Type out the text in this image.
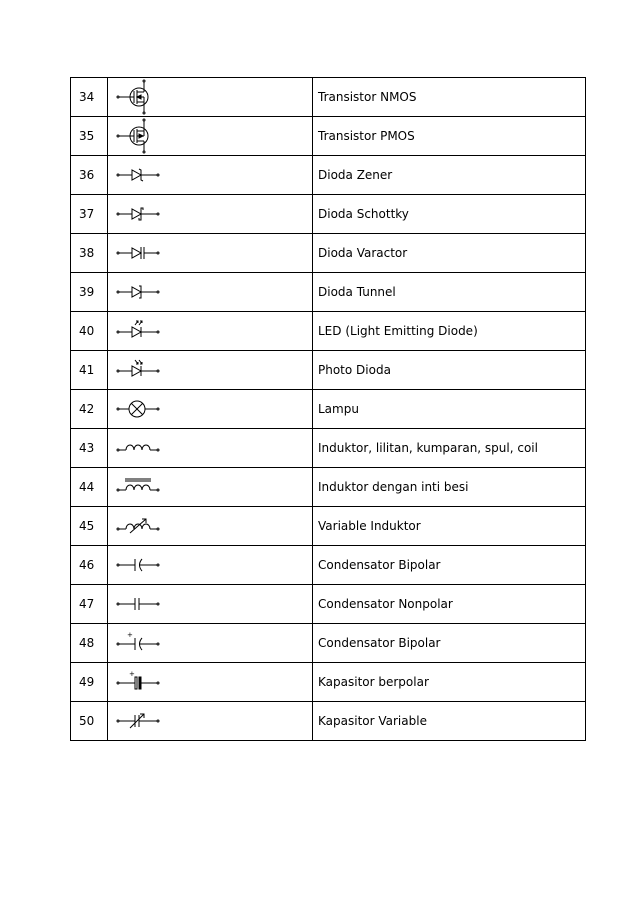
34		Transistor NMOS
35		Transistor PMOS
36		Dioda Zener
37		Dioda Schottky
38		Dioda Varactor
39		Dioda Tunnel
40		LED (Light Emitting Diode)
41		Photo Dioda
42		Lampu
43		Induktor, lilitan, kumparan, spul, coil
44		Induktor dengan inti besi
45		Variable Induktor
46		Condensator Bipolar
47		Condensator Nonpolar
48	+	Condensator Bipolar
49	+	Kapasitor berpolar
50		Kapasitor Variable
